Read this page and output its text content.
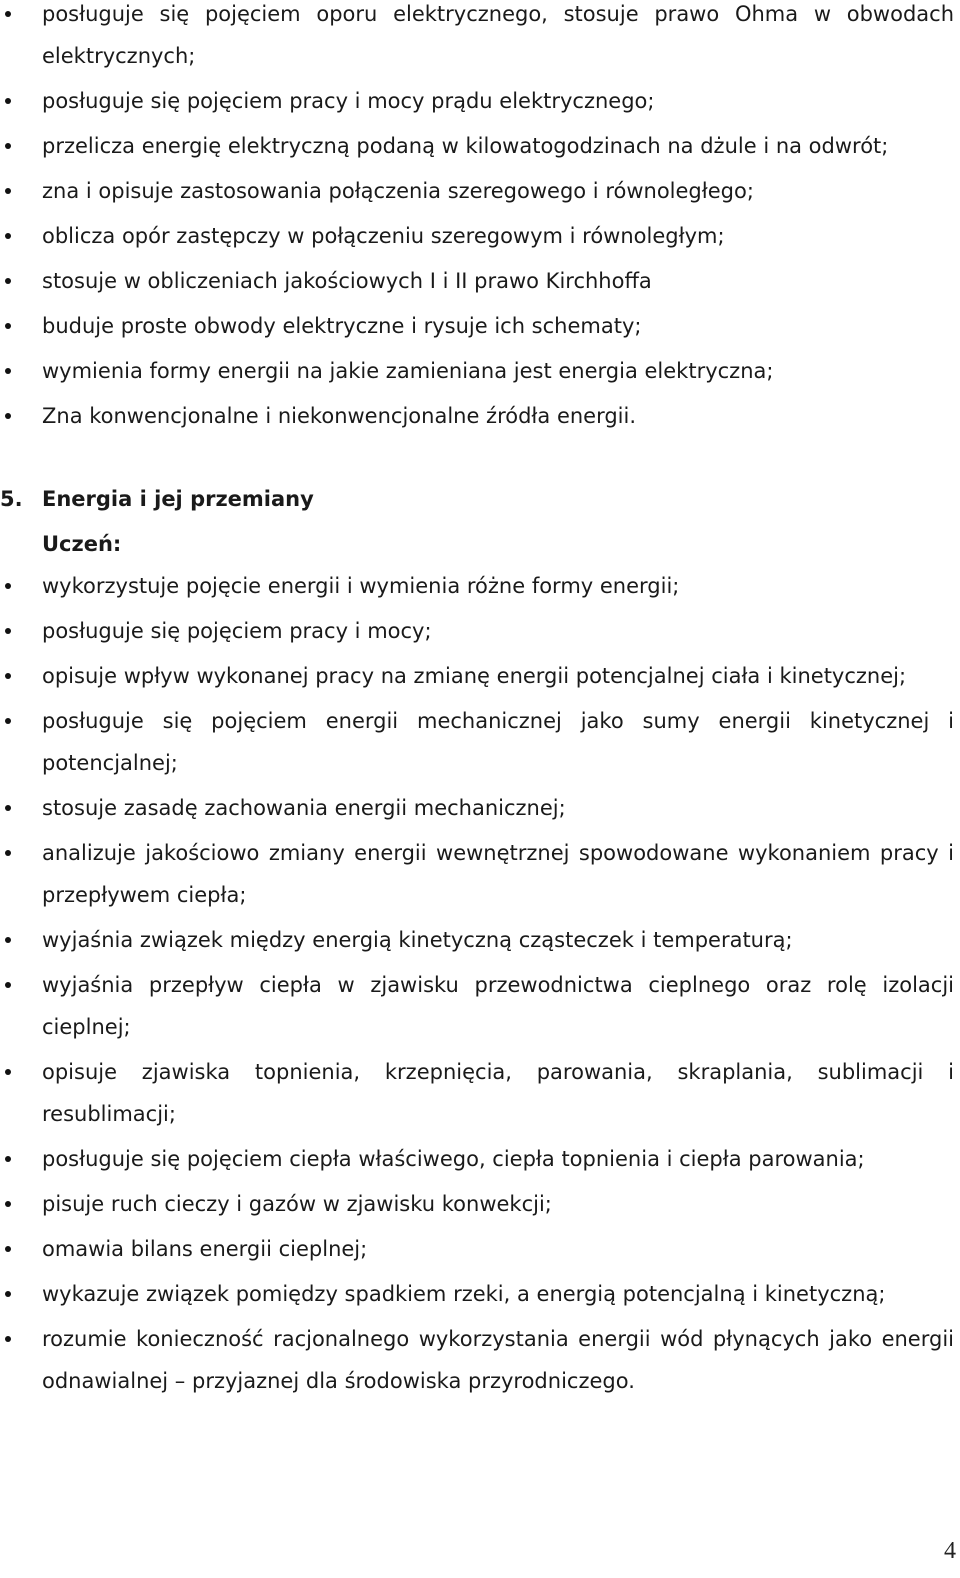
posługuje się pojęciem oporu elektrycznego, stosuje prawo Ohma w obwodach elektrycznych;
posługuje się pojęciem pracy i mocy prądu elektrycznego;
przelicza energię elektryczną podaną w kilowatogodzinach na dżule i na odwrót;
zna i opisuje zastosowania połączenia szeregowego i równoległego;
oblicza opór zastępczy w połączeniu szeregowym i równoległym;
stosuje w obliczeniach jakościowych I i II prawo Kirchhoffa
buduje proste obwody elektryczne i rysuje ich schematy;
wymienia formy energii na jakie zamieniana jest energia elektryczna;
Zna konwencjonalne i niekonwencjonalne źródła energii.
5. Energia i jej przemiany
Uczeń:
wykorzystuje pojęcie energii i wymienia różne formy energii;
posługuje się pojęciem pracy i mocy;
opisuje wpływ wykonanej pracy na zmianę energii potencjalnej ciała i kinetycznej;
posługuje się pojęciem energii mechanicznej jako sumy energii kinetycznej i potencjalnej;
stosuje zasadę zachowania energii mechanicznej;
analizuje jakościowo zmiany energii wewnętrznej spowodowane wykonaniem pracy i przepływem ciepła;
wyjaśnia związek między energią kinetyczną cząsteczek i temperaturą;
wyjaśnia przepływ ciepła w zjawisku przewodnictwa cieplnego oraz rolę izolacji cieplnej;
opisuje zjawiska topnienia, krzepnięcia, parowania, skraplania, sublimacji i resublimacji;
posługuje się pojęciem ciepła właściwego, ciepła topnienia i ciepła parowania;
pisuje ruch cieczy i gazów w zjawisku konwekcji;
omawia bilans energii cieplnej;
wykazuje związek pomiędzy spadkiem rzeki, a energią potencjalną i kinetyczną;
rozumie konieczność racjonalnego wykorzystania energii wód płynących jako energii odnawialnej – przyjaznej dla środowiska przyrodniczego.
4
